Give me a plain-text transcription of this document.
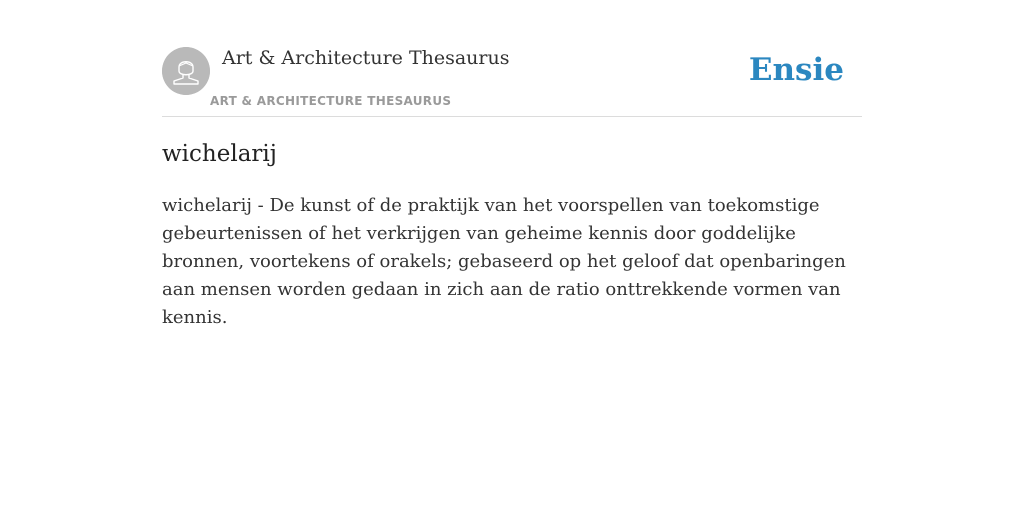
Art & Architecture Thesaurus
ART & ARCHITECTURE THESAURUS
Ensie
wichelarij

wichelarij - De kunst of de praktijk van het voorspellen van toekomstige gebeurtenissen of het verkrijgen van geheime kennis door goddelijke bronnen, voortekens of orakels; gebaseerd op het geloof dat openbaringen aan mensen worden gedaan in zich aan de ratio onttrekkende vormen van kennis.
